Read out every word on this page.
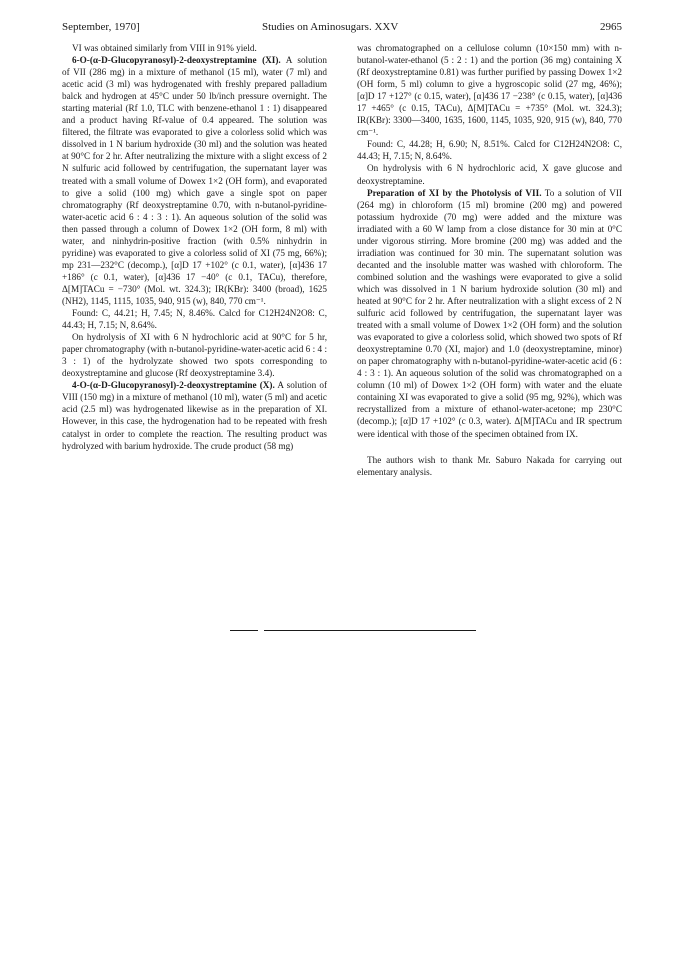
September, 1970]	Studies on Aminosugars. XXV	2965

VI was obtained similarly from VIII in 91% yield.

6-O-(α-D-Glucopyranosyl)-2-deoxystreptamine (XI). A solution of VII (286 mg) in a mixture of methanol (15 ml), water (7 ml) and acetic acid (3 ml) was hydrogenated with freshly prepared palladium balck and hydrogen at 45°C under 50 lb/inch pressure overnight. The starting material (Rf 1.0, TLC with benzene-ethanol 1 : 1) disappeared and a product having Rf-value of 0.4 appeared. The solution was filtered, the filtrate was evaporated to give a colorless solid which was dissolved in 1 N barium hydroxide (30 ml) and the solution was heated at 90°C for 2 hr. After neutralizing the mixture with a slight excess of 2 N sulfuric acid followed by centrifugation, the supernatant layer was treated with a small volume of Dowex 1×2 (OH form), and evaporated to give a solid (100 mg) which gave a single spot on paper chromatography (Rf deoxystreptamine 0.70, with n-butanol-pyridine-water-acetic acid 6 : 4 : 3 : 1). An aqueous solution of the solid was then passed through a column of Dowex 1×2 (OH form, 8 ml) with water, and ninhydrin-positive fraction (with 0.5% ninhydrin in pyridine) was evaporated to give a colorless solid of XI (75 mg, 66%); mp 231—232°C (decomp.), [α]D 17 +102° (c 0.1, water), [α]436 17 +186° (c 0.1, water), [α]436 17 −40° (c 0.1, TACu), therefore, Δ[M]TACu = −730° (Mol. wt. 324.3); IR(KBr): 3400 (broad), 1625 (NH2), 1145, 1115, 1035, 940, 915 (w), 840, 770 cm⁻¹.

Found: C, 44.21; H, 7.45; N, 8.46%. Calcd for C12H24N2O8: C, 44.43; H, 7.15; N, 8.64%.

On hydrolysis of XI with 6 N hydrochloric acid at 90°C for 5 hr, paper chromatography (with n-butanol-pyridine-water-acetic acid 6 : 4 : 3 : 1) of the hydrolyzate showed two spots corresponding to deoxystreptamine and glucose (Rf deoxystreptamine 3.4).

4-O-(α-D-Glucopyranosyl)-2-deoxystreptamine (X). A solution of VIII (150 mg) in a mixture of methanol (10 ml), water (5 ml) and acetic acid (2.5 ml) was hydrogenated likewise as in the preparation of XI. However, in this case, the hydrogenation had to be repeated with fresh catalyst in order to complete the reaction. The resulting product was hydrolyzed with barium hydroxide. The crude product (58 mg)

was chromatographed on a cellulose column (10×150 mm) with n-butanol-water-ethanol (5 : 2 : 1) and the portion (36 mg) containing X (Rf deoxystreptamine 0.81) was further purified by passing Dowex 1×2 (OH form, 5 ml) column to give a hygroscopic solid (27 mg, 46%); [α]D 17 +127° (c 0.15, water), [α]436 17 −238° (c 0.15, water), [α]436 17 +465° (c 0.15, TACu), Δ[M]TACu = +735° (Mol. wt. 324.3); IR(KBr): 3300—3400, 1635, 1600, 1145, 1035, 920, 915 (w), 840, 770 cm⁻¹.

Found: C, 44.28; H, 6.90; N, 8.51%. Calcd for C12H24N2O8: C, 44.43; H, 7.15; N, 8.64%.

On hydrolysis with 6 N hydrochloric acid, X gave glucose and deoxystreptamine.

Preparation of XI by the Photolysis of VII. To a solution of VII (264 mg) in chloroform (15 ml) bromine (200 mg) and powered potassium hydroxide (70 mg) were added and the mixture was irradiated with a 60 W lamp from a close distance for 30 min at 0°C under vigorous stirring. More bromine (200 mg) was added and the irradiation was continued for 30 min. The supernatant solution was decanted and the insoluble matter was washed with chloroform. The combined solution and the washings were evaporated to give a solid which was dissolved in 1 N barium hydroxide solution (30 ml) and heated at 90°C for 2 hr. After neutralization with a slight excess of 2 N sulfuric acid followed by centrifugation, the supernatant layer was treated with a small volume of Dowex 1×2 (OH form) and the solution was evaporated to give a colorless solid, which showed two spots of Rf deoxystreptamine 0.70 (XI, major) and 1.0 (deoxystreptamine, minor) on paper chromatography with n-butanol-pyridine-water-acetic acid (6 : 4 : 3 : 1). An aqueous solution of the solid was chromatographed on a column (10 ml) of Dowex 1×2 (OH form) with water and the eluate containing XI was evaporated to give a solid (95 mg, 92%), which was recrystallized from a mixture of ethanol-water-acetone; mp 230°C (decomp.); [α]D 17 +102° (c 0.3, water). Δ[M]TACu and IR spectrum were identical with those of the specimen obtained from IX.

The authors wish to thank Mr. Saburo Nakada for carrying out elementary analysis.
